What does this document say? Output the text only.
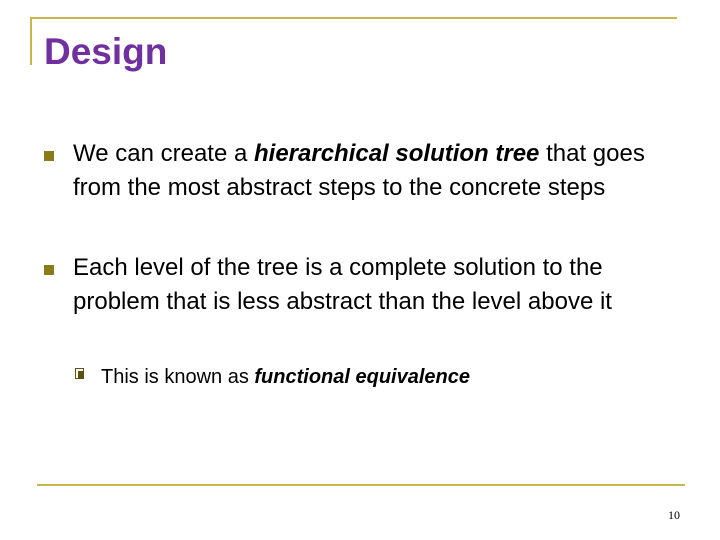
Design
We can create a hierarchical solution tree that goes from the most abstract steps to the concrete steps
Each level of the tree is a complete solution to the problem that is less abstract than the level above it
This is known as functional equivalence
10
